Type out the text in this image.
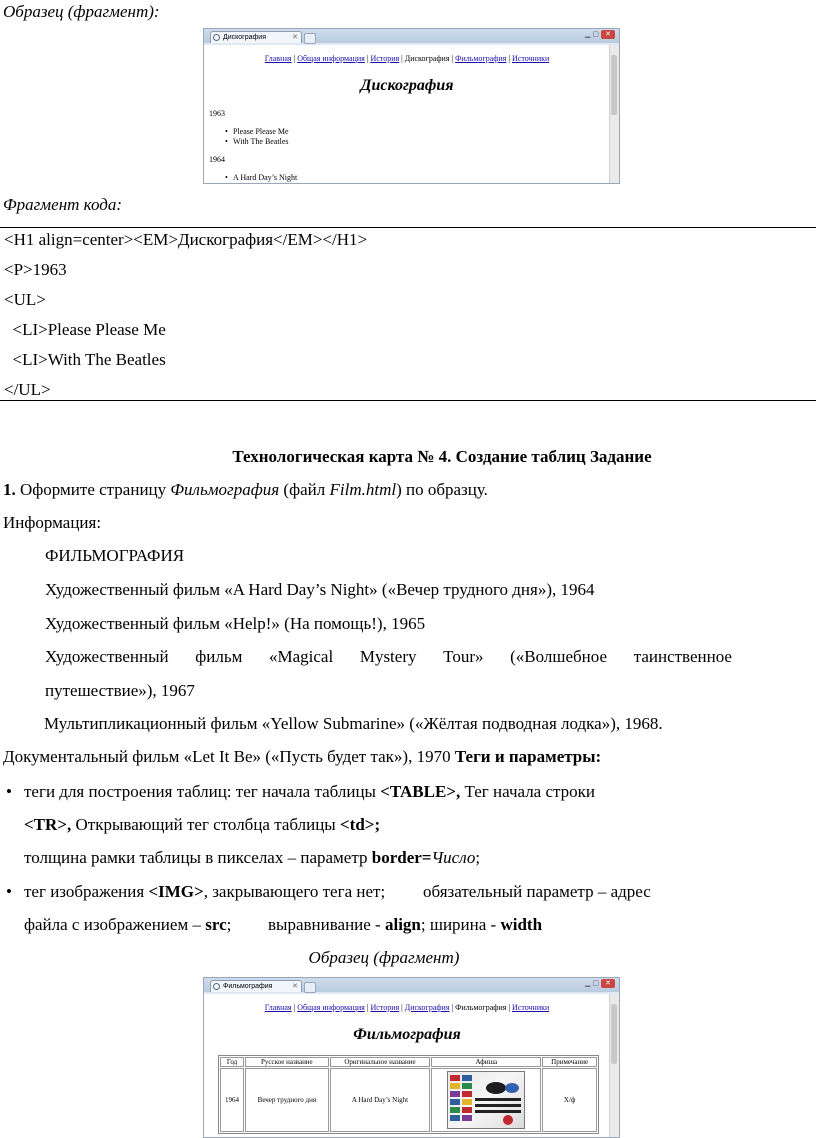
Образец (фрагмент):
Дискография	✕	▁▢ ✕
Главная | Общая информация | История | Дискография | Фильмография | Источники
Дискография
1963
• Please Please Me
• With The Beatles
1964
• A Hard Day’s Night
Фрагмент кода:
<H1 align=center><EM>Дискография</EM></H1>
<P>1963
<UL>
<LI>Please Please Me
<LI>With The Beatles
</UL>
Технологическая карта № 4. Создание таблиц Задание
1. Оформите страницу Фильмография (файл Film.html) по образцу.
Информация:
ФИЛЬМОГРАФИЯ
Художественный фильм «A Hard Day’s Night» («Вечер трудного дня»), 1964
Художественный фильм «Help!» (На помощь!), 1965
Художественный фильм «Magical Mystery Tour» («Волшебное таинственное
путешествие»), 1967
Мультипликационный фильм «Yellow Submarine» («Жёлтая подводная лодка»), 1968.
Документальный фильм «Let It Be» («Пусть будет так»), 1970 Теги и параметры:
• теги для построения таблиц: тег начала таблицы <TABLE>, Тег начала строки
<TR>, Открывающий тег столбца таблицы <td>;
толщина рамки таблицы в пикселах – параметр border=Число;
• тег изображения <IMG>, закрывающего тега нет; обязательный параметр – адрес
файла с изображением – src; выравнивание - align; ширина - width
Образец (фрагмент)
Фильмография	✕	▁▢ ✕
Главная | Общая информация | История | Дискография | Фильмография | Источники
Фильмография
Год	Русское название	Оригинальное название	Афиша	Примечание
1964	Вечер трудного дня	A Hard Day’s Night		Х/ф
